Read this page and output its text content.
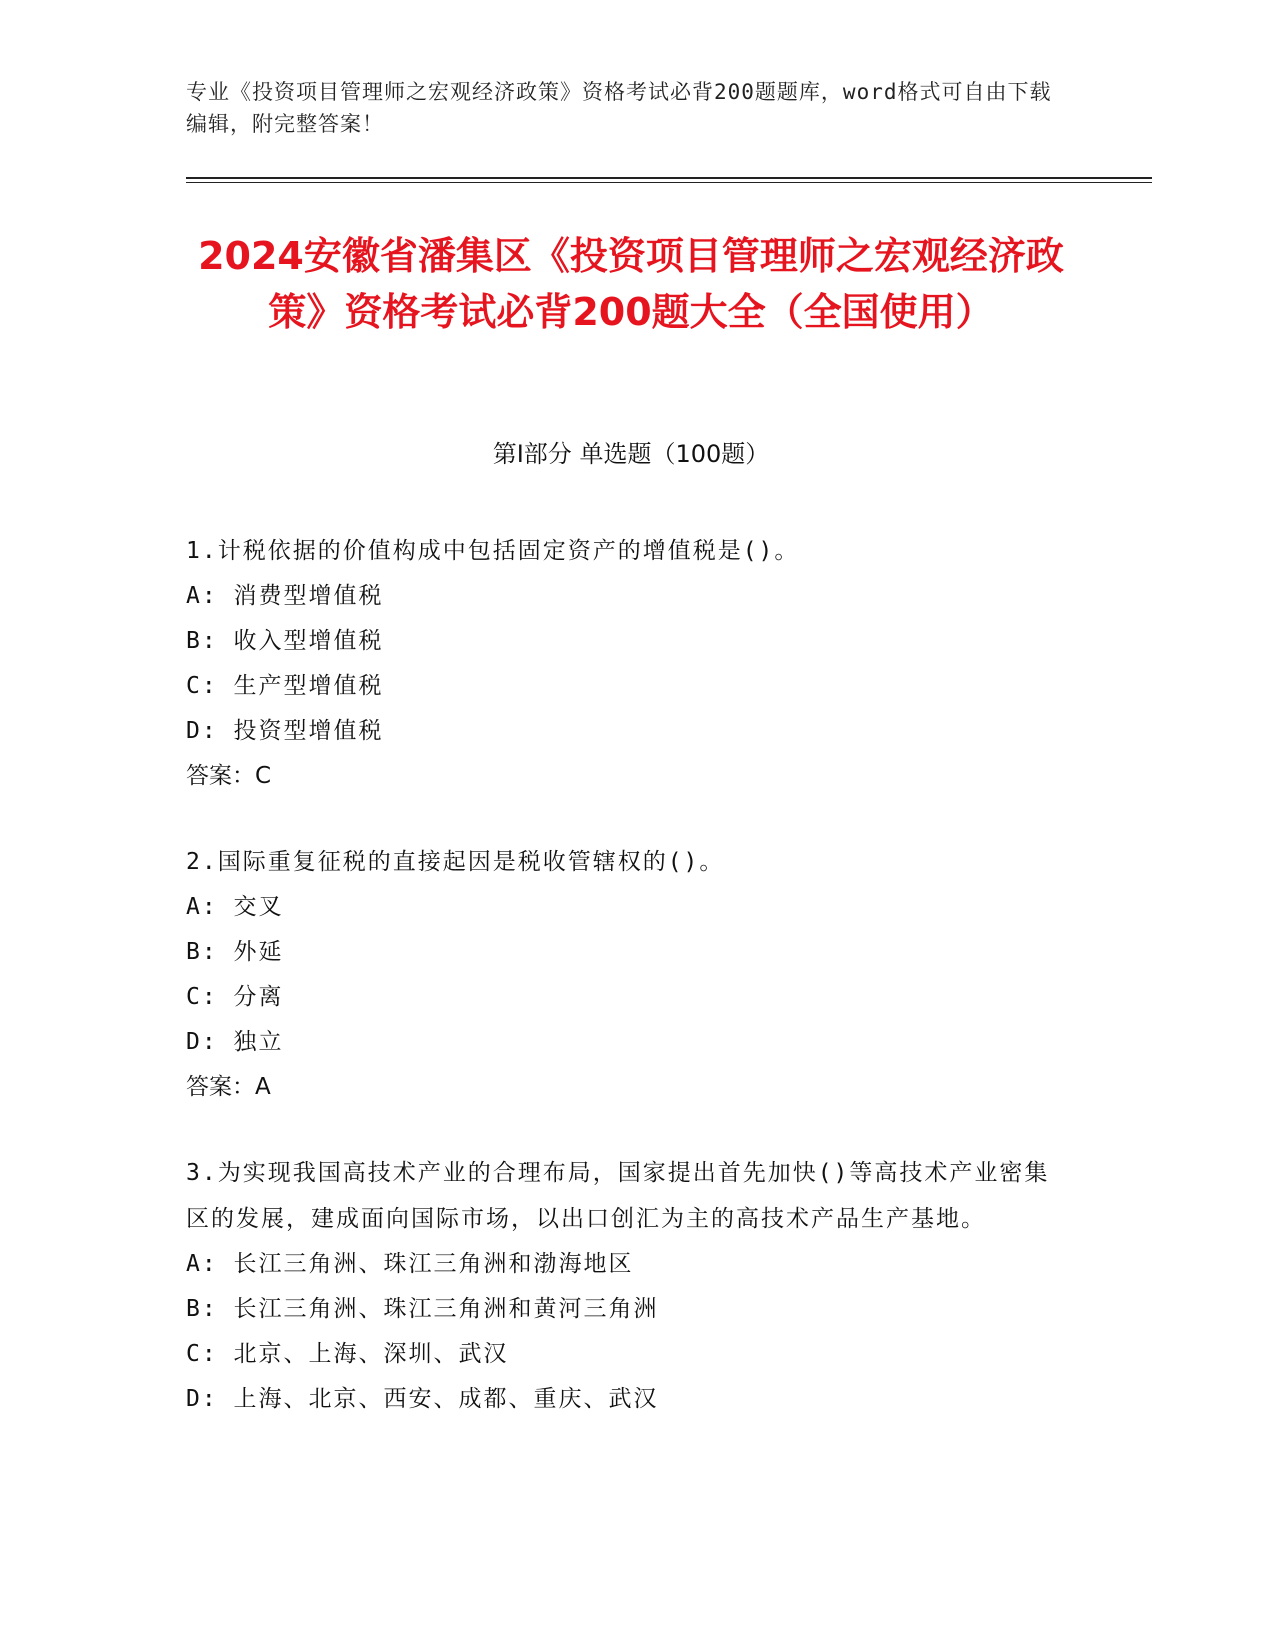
专业《投资项目管理师之宏观经济政策》资格考试必背200题题库，word格式可自由下载编辑，附完整答案！
2024安徽省潘集区《投资项目管理师之宏观经济政策》资格考试必背200题大全（全国使用）
第Ⅰ部分 单选题（100题）
1.计税依据的价值构成中包括固定资产的增值税是()。
A: 消费型增值税
B: 收入型增值税
C: 生产型增值税
D: 投资型增值税
答案：C
2.国际重复征税的直接起因是税收管辖权的()。
A: 交叉
B: 外延
C: 分离
D: 独立
答案：A
3.为实现我国高技术产业的合理布局，国家提出首先加快()等高技术产业密集区的发展，建成面向国际市场，以出口创汇为主的高技术产品生产基地。
A: 长江三角洲、珠江三角洲和渤海地区
B: 长江三角洲、珠江三角洲和黄河三角洲
C: 北京、上海、深圳、武汉
D: 上海、北京、西安、成都、重庆、武汉
